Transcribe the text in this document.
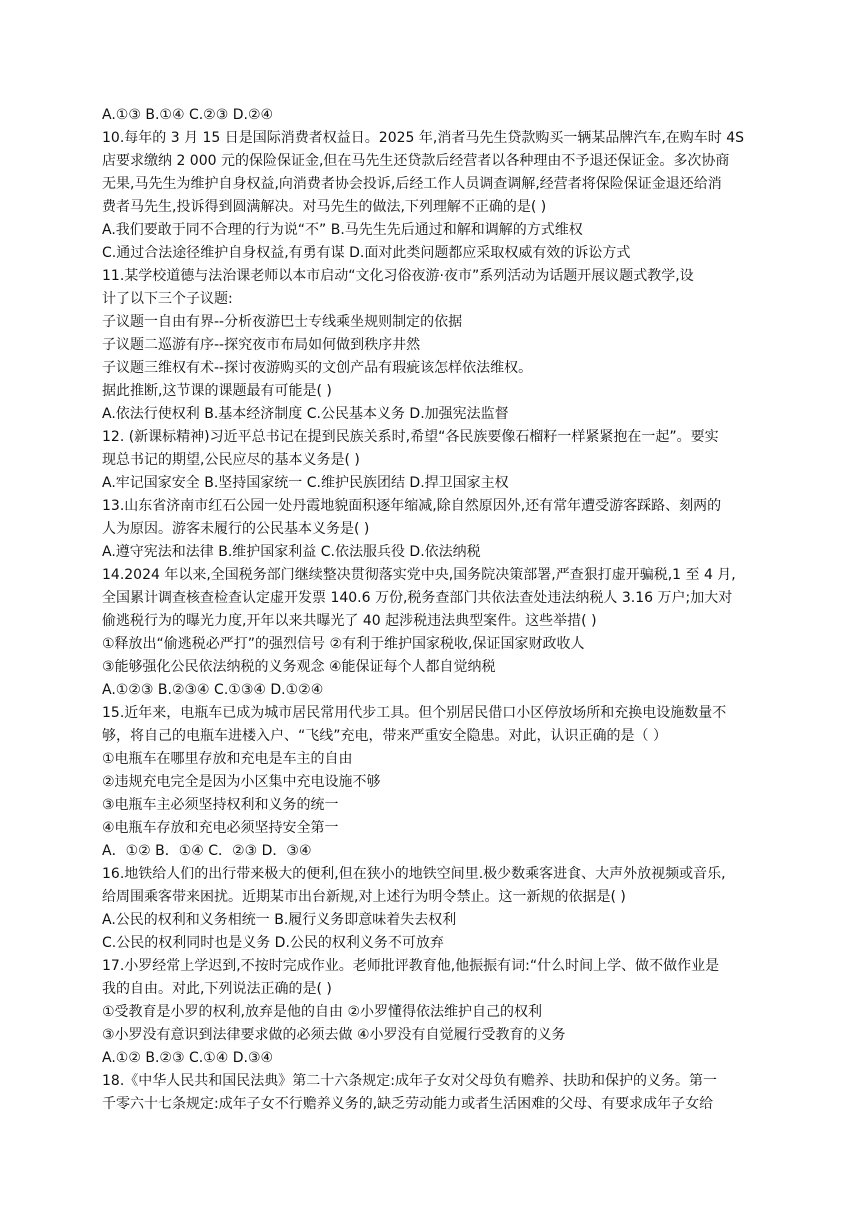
A.①③ B.①④ C.②③ D.②④
10.每年的 3 月 15 日是国际消费者权益日。2025 年,消者马先生贷款购买一辆某品牌汽车,在购车时 4S
店要求缴纳 2 000 元的保险保证金,但在马先生还贷款后经营者以各种理由不予退还保证金。多次协商
无果,马先生为维护自身权益,向消费者协会投诉,后经工作人员调查调解,经营者将保险保证金退还给消
费者马先生,投诉得到圆满解决。对马先生的做法,下列理解不正确的是( )
A.我们要敢于同不合理的行为说“不” B.马先生先后通过和解和调解的方式维权
C.通过合法途径维护自身权益,有勇有谋 D.面对此类问题都应采取权威有效的诉讼方式
11.某学校道德与法治课老师以本市启动“文化习俗夜游·夜市”系列活动为话题开展议题式教学,设
计了以下三个子议题:
子议题一自由有界--分析夜游巴士专线乘坐规则制定的依据
子议题二巡游有序--探究夜市布局如何做到秩序井然
子议题三维权有术--探讨夜游购买的文创产品有瑕疵该怎样依法维权。
据此推断,这节课的课题最有可能是( )
A.依法行使权利 B.基本经济制度 C.公民基本义务 D.加强宪法监督
12. (新课标精神)习近平总书记在提到民族关系时,希望“各民族要像石榴籽一样紧紧抱在一起”。要实
现总书记的期望,公民应尽的基本义务是( )
A.牢记国家安全 B.坚持国家统一 C.维护民族团结 D.捍卫国家主权
13.山东省济南市红石公园一处丹霞地貌面积逐年缩减,除自然原因外,还有常年遭受游客踩路、刻两的
人为原因。游客未履行的公民基本义务是( )
A.遵守宪法和法律 B.维护国家利益 C.依法服兵役 D.依法纳税
14.2024 年以来,全国税务部门继续整决贯彻落实党中央,国务院决策部署,严查狠打虚开骗税,1 至 4 月,
全国累计调查核查检查认定虚开发票 140.6 万份,税务查部门共依法查处违法纳税人 3.16 万户;加大对
偷逃税行为的曝光力度,开年以来共曝光了 40 起涉税违法典型案件。这些举措( )
①释放出“偷逃税必严打”的强烈信号 ②有利于维护国家税收,保证国家财政收人
③能够强化公民依法纳税的义务观念 ④能保证每个人都自觉纳税
A.①②③ B.②③④ C.①③④ D.①②④
15.近年来，电瓶车已成为城市居民常用代步工具。但个别居民借口小区停放场所和充换电设施数量不
够，将自己的电瓶车进楼入户、“飞线”充电，带来严重安全隐患。对此，认识正确的是（ ）
①电瓶车在哪里存放和充电是车主的自由
②违规充电完全是因为小区集中充电设施不够
③电瓶车主必须坚持权利和义务的统一
④电瓶车存放和充电必须坚持安全第一
A．①② B．①④ C．②③ D．③④
16.地铁给人们的出行带来极大的便利,但在狭小的地铁空间里.极少数乘客进食、大声外放视频或音乐,
给周围乘客带来困扰。近期某市出台新规,对上述行为明令禁止。这一新规的依据是( )
A.公民的权利和义务相统一 B.履行义务即意味着失去权利
C.公民的权利同时也是义务 D.公民的权利义务不可放弃
17.小罗经常上学迟到,不按时完成作业。老师批评教育他,他振振有词:“什么时间上学、做不做作业是
我的自由。对此,下列说法正确的是( )
①受教育是小罗的权利,放弃是他的自由 ②小罗懂得依法维护自己的权利
③小罗没有意识到法律要求做的必须去做 ④小罗没有自觉履行受教育的义务
A.①② B.②③ C.①④ D.③④
18.《中华人民共和国民法典》第二十六条规定:成年子女对父母负有赡养、扶助和保护的义务。第一
千零六十七条规定:成年子女不行赡养义务的,缺乏劳动能力或者生活困难的父母、有要求成年子女给
